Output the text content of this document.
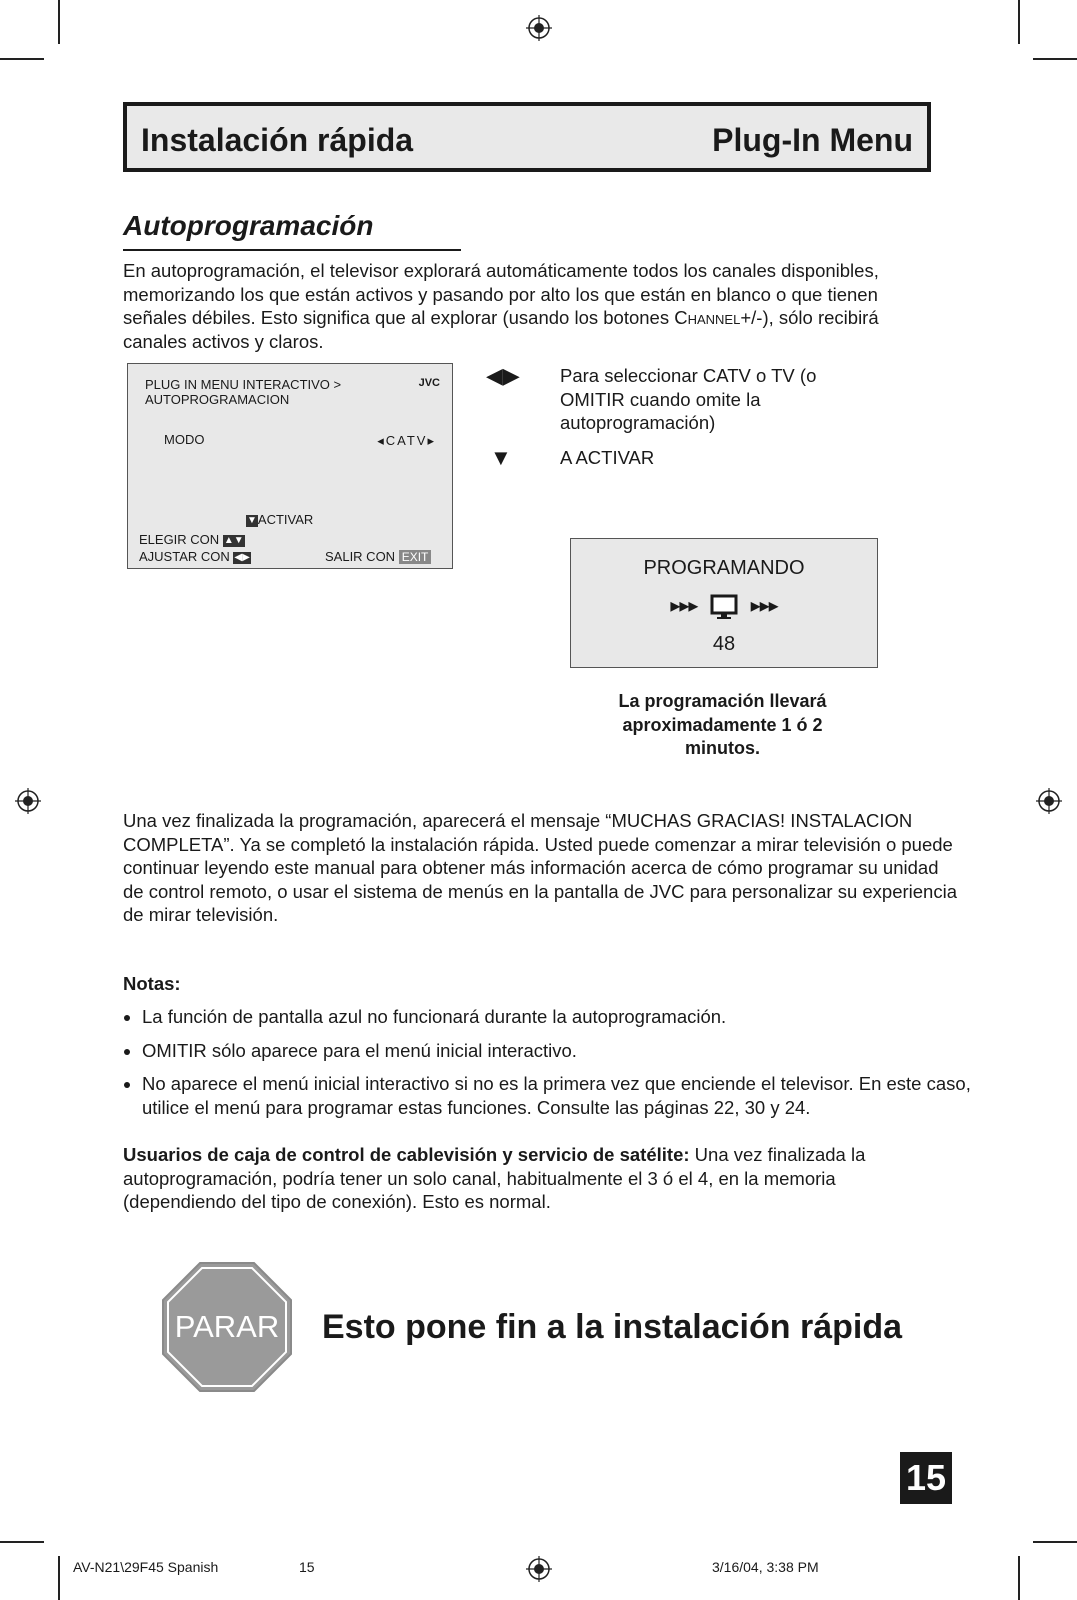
Instalación rápida	Plug-In Menu
Autoprogramación
En autoprogramación, el televisor explorará automáticamente todos los canales disponibles, memorizando los que están activos y pasando por alto los que están en blanco o que tienen señales débiles. Esto significa que al explorar (usando los botones Channel+/-), sólo recibirá canales activos y claros.
PLUG IN MENU INTERACTIVO >
AUTOPROGRAMACION
JVC
MODO	◂CATV▸
▼ACTIVAR
ELEGIR CON ▲▼
AJUSTAR CON ◀▶	SALIR CON EXIT
◀▶ Para seleccionar CATV o TV (o OMITIR cuando omite la autoprogramación)
▼	A ACTIVAR
PROGRAMANDO
▸▸▸	▸▸▸
48
La programación llevará aproximadamente 1 ó 2 minutos.
Una vez finalizada la programación, aparecerá el mensaje “MUCHAS GRACIAS! INSTALACION COMPLETA”. Ya se completó la instalación rápida. Usted puede comenzar a mirar televisión o puede continuar leyendo este manual para obtener más información acerca de cómo programar su unidad de control remoto, o usar el sistema de menús en la pantalla de JVC para personalizar su experiencia de mirar televisión.
Notas:
• La función de pantalla azul no funcionará durante la autoprogramación.
• OMITIR sólo aparece para el menú inicial interactivo.
• No aparece el menú inicial interactivo si no es la primera vez que enciende el televisor. En este caso, utilice el menú para programar estas funciones. Consulte las páginas 22, 30 y 24.
Usuarios de caja de control de cablevisión y servicio de satélite: Una vez finalizada la autoprogramación, podría tener un solo canal, habitualmente el 3 ó el 4, en la memoria (dependiendo del tipo de conexión). Esto es normal.
PARAR	Esto pone fin a la instalación rápida
15
AV-N21\29F45 Spanish	15	3/16/04, 3:38 PM
